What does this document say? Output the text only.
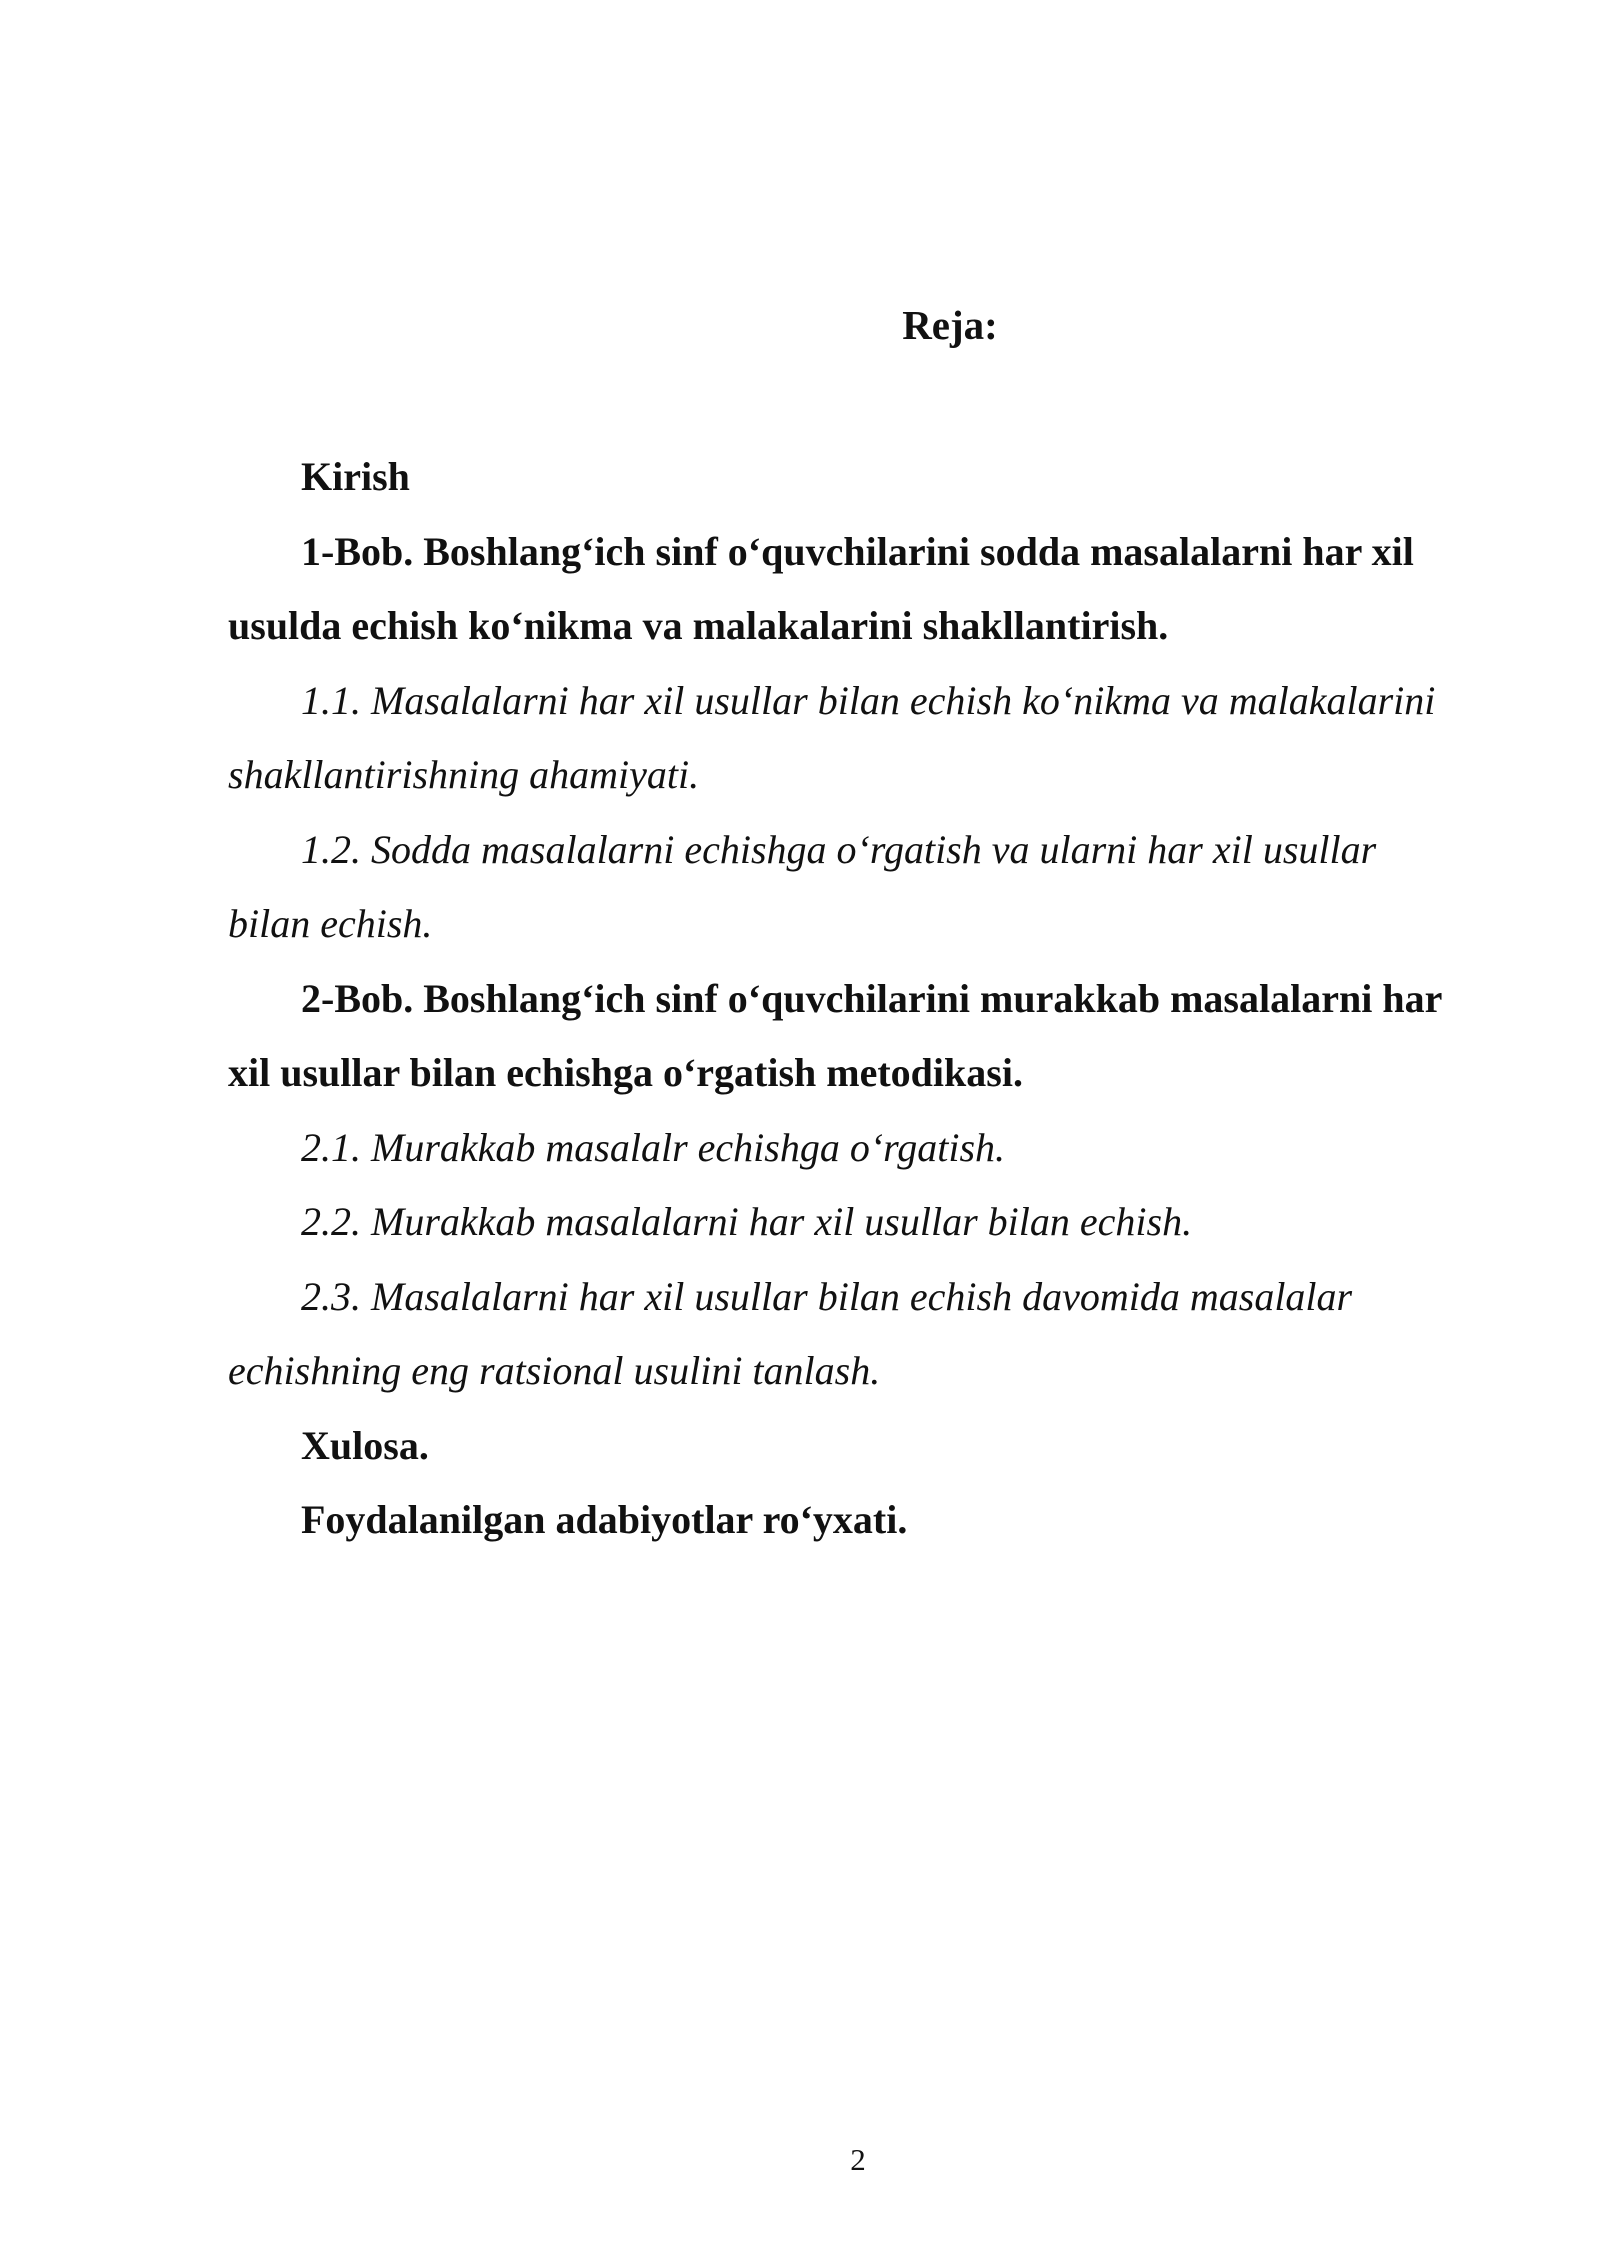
Reja:

Kirish

1-Bob. Boshlang‘ich sinf o‘quvchilarini sodda masalalarni har xil usulda echish ko‘nikma va malakalarini shakllantirish.

1.1. Masalalarni har xil usullar bilan echish ko‘nikma va malakalarini shakllantirishning ahamiyati.

1.2. Sodda masalalarni echishga o‘rgatish va ularni har xil usullar bilan echish.

2-Bob. Boshlang‘ich sinf o‘quvchilarini murakkab masalalarni har xil usullar bilan echishga o‘rgatish metodikasi.

2.1. Murakkab masalalr echishga o‘rgatish.

2.2. Murakkab masalalarni har xil usullar bilan echish.

2.3. Masalalarni har xil usullar bilan echish davomida masalalar echishning eng ratsional usulini tanlash.

Xulosa.

Foydalanilgan adabiyotlar ro‘yxati.

2
